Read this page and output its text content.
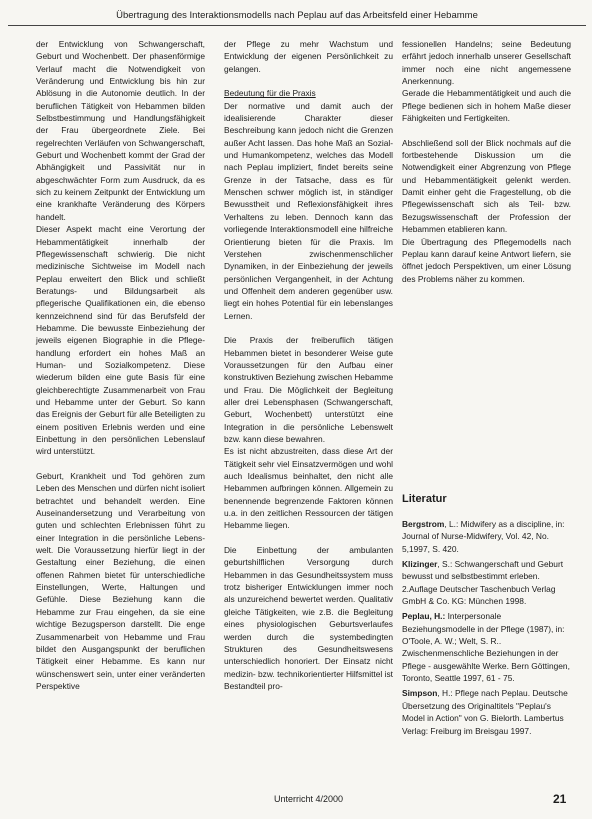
Übertragung des Interaktionsmodells nach Peplau auf das Arbeitsfeld einer Hebamme

der Entwicklung von Schwangerschaft, Geburt und Wochenbett. Der phasenförmige Verlauf macht die Notwendigkeit von Veränderung und Entwicklung bis hin zur Ablösung in die Autonomie deutlich. In der beruflichen Tätigkeit von Hebammen bilden Selbstbestimmung und Handlungsfähigkeit der Frau übergeordnete Ziele. Bei regelrechten Verläufen von Schwangerschaft, Geburt und Wochenbett kommt der Grad der Abhängigkeit und Passivität nur in abgeschwächter Form zum Ausdruck, da es sich zu keinem Zeitpunkt der Entwicklung um eine krankhafte Veränderung des Körpers handelt.

Dieser Aspekt macht eine Verortung der Hebammentätigkeit innerhalb der Pflegewissenschaft schwierig. Die nicht medizinische Sichtweise im Modell nach Peplau erweitert den Blick und schließt Beratungs- und Bildungsarbeit als pflegerische Qualifikationen ein, die ebenso kennzeichnend sind für das Berufsfeld der Hebamme. Die bewusste Einbeziehung der jeweils eigenen Biographie in die Pflege-handlung erfordert ein hohes Maß an Human- und Sozialkompetenz. Diese wiederum bilden eine gute Basis für eine gleichberechtigte Zusammenarbeit von Frau und Hebamme unter der Geburt. So kann das Ereignis der Geburt für alle Beteiligten zu einem positiven Erlebnis werden und eine Einbettung in den persönlichen Lebenslauf wird unterstützt.

Geburt, Krankheit und Tod gehören zum Leben des Menschen und dürfen nicht isoliert betrachtet und behandelt werden. Eine Auseinandersetzung und Verarbeitung von guten und schlechten Erlebnissen führt zu einer Integration in die persönliche Lebens-welt. Die Voraussetzung hierfür liegt in der Gestaltung einer Beziehung, die einen offenen Rahmen bietet für unterschiedliche Einstellungen, Werte, Haltungen und Gefühle. Diese Beziehung kann die Hebamme zur Frau eingehen, da sie eine wichtige Bezugsperson darstellt. Die enge Zusammenarbeit von Hebamme und Frau bildet den Ausgangspunkt der beruflichen Tätigkeit einer Hebamme. Es kann nur wünschenswert sein, unter einer veränderten Perspektive

der Pflege zu mehr Wachstum und Entwicklung der eigenen Persönlichkeit zu gelangen.

Bedeutung für die Praxis

Der normative und damit auch der idealisierende Charakter dieser Beschreibung kann jedoch nicht die Grenzen außer Acht lassen. Das hohe Maß an Sozial- und Humankompetenz, welches das Modell nach Peplau impliziert, findet bereits seine Grenze in der Tatsache, dass es für Menschen schwer möglich ist, in ständiger Bewusstheit und Reflexionsfähigkeit ihres Verhaltens zu leben. Dennoch kann das vorliegende Interaktionsmodell eine hilfreiche Orientierung bieten für die Praxis. Im Verstehen zwischenmenschlicher Dynamiken, in der Einbeziehung der jeweils persönlichen Vergangenheit, in der Achtung und Offenheit dem anderen gegenüber usw. liegt ein hohes Potential für ein lebenslanges Lernen.

Die Praxis der freiberuflich tätigen Hebammen bietet in besonderer Weise gute Voraussetzungen für den Aufbau einer konstruktiven Beziehung zwischen Hebamme und Frau. Die Möglichkeit der Begleitung aller drei Lebensphasen (Schwangerschaft, Geburt, Wochenbett) unterstützt eine Integration in die persönliche Lebenswelt bzw. kann diese bewahren.

Es ist nicht abzustreiten, dass diese Art der Tätigkeit sehr viel Einsatzvermögen und wohl auch Idealismus beinhaltet, den nicht alle Hebammen aufbringen können. Allgemein zu benennende begrenzende Faktoren können u.a. in den zeitlichen Ressourcen der tätigen Hebamme liegen.

Die Einbettung der ambulanten geburtshilflichen Versorgung durch Hebammen in das Gesundheitssystem muss trotz bisheriger Entwicklungen immer noch als unzureichend bewertet werden. Qualitativ gleiche Tätigkeiten, wie z.B. die Begleitung eines physiologischen Geburtsverlaufes werden durch die systembedingten Strukturen des Gesundheitswesens unterschiedlich honoriert. Der Einsatz nicht medizin- bzw. technikorientierter Hilfsmittel ist Bestandteil pro-

fessionellen Handelns; seine Bedeutung erfährt jedoch innerhalb unserer Gesellschaft immer noch eine nicht angemessene Anerkennung.

Gerade die Hebammentätigkeit und auch die Pflege bedienen sich in hohem Maße dieser Fähigkeiten und Fertigkeiten.

Abschließend soll der Blick nochmals auf die fortbestehende Diskussion um die Notwendigkeit einer Abgrenzung von Pflege und Hebammentätigkeit gelenkt werden. Damit einher geht die Fragestellung, ob die Pflegewissenschaft sich als Teil- bzw. Bezugswissenschaft der Profession der Hebammen etablieren kann.

Die Übertragung des Pflegemodells nach Peplau kann darauf keine Antwort liefern, sie öffnet jedoch Perspektiven, um einer Lösung des Problems näher zu kommen.

Literatur

Bergstrom, L.: Midwifery as a discipline, in: Journal of Nurse-Midwifery, Vol. 42, No. 5,1997, S. 420.

Klizinger, S.: Schwangerschaft und Geburt bewusst und selbstbestimmt erleben. 2.Auflage Deutscher Taschenbuch Verlag GmbH & Co. KG: München 1998.

Peplau, H.: Interpersonale Beziehungsmodelle in der Pflege (1987), in: O'Toole, A. W.; Welt, S. R.. Zwischenmenschliche Beziehungen in der Pflege - ausgewählte Werke. Bern Göttingen, Toronto, Seattle 1997, 61 - 75.

Simpson, H.: Pflege nach Peplau. Deutsche Übersetzung des Originaltitels "Peplau's Model in Action" von G. Bielorth. Lambertus Verlag: Freiburg im Breisgau 1997.

Unterricht 4/2000	21
